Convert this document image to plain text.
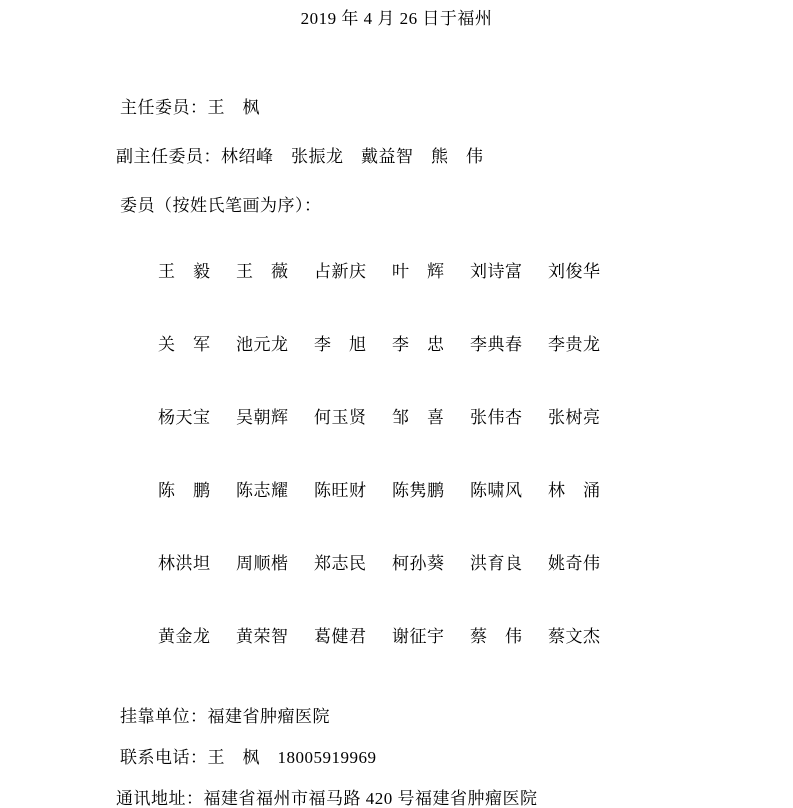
2019 年 4 月 26 日于福州
主任委员：王　枫
副主任委员：林绍峰　张振龙　戴益智　熊　伟
委员（按姓氏笔画为序）：

王　毅 王　薇 占新庆 叶　辉 刘诗富 刘俊华

关　军 池元龙 李　旭 李　忠 李典春 李贵龙

杨天宝 吴朝辉 何玉贤 邹　喜 张伟杏 张树亮

陈　鹏 陈志耀 陈旺财 陈隽鹏 陈啸风 林　涌

林洪坦 周顺楷 郑志民 柯孙葵 洪育良 姚奇伟

黄金龙 黄荣智 葛健君 谢征宇 蔡　伟 蔡文杰

挂靠单位：福建省肿瘤医院
联系电话：王　枫　 18005919969
通讯地址：福建省福州市福马路 420 号福建省肿瘤医院
